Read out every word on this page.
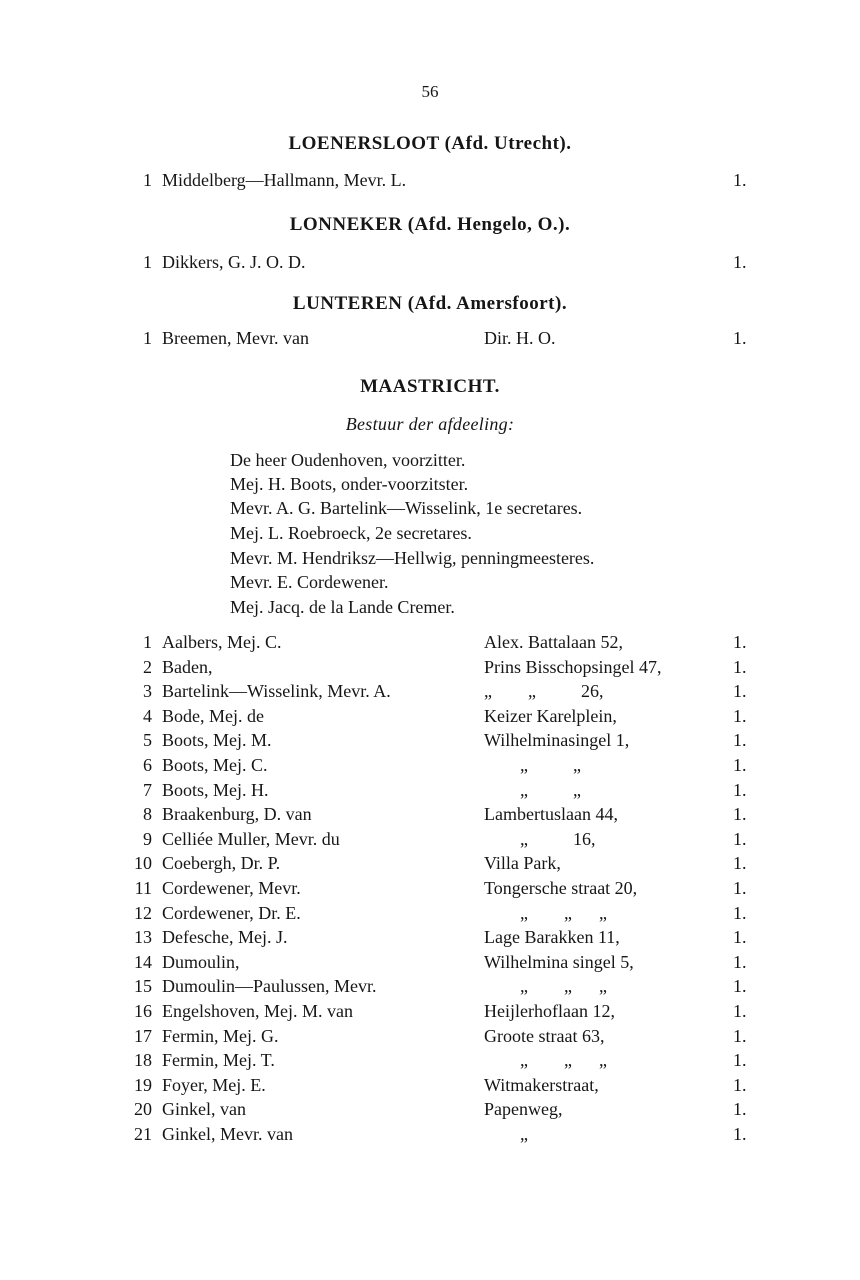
56
LOENERSLOOT (Afd. Utrecht).
1 Middelberg—Hallmann, Mevr. L.	1.
LONNEKER (Afd. Hengelo, O.).
1 Dikkers, G. J. O. D.	1.
LUNTEREN (Afd. Amersfoort).
1 Breemen, Mevr. van	Dir. H. O.	1.
MAASTRICHT.
Bestuur der afdeeling:
De heer Oudenhoven, voorzitter.
Mej. H. Boots, onder-voorzitster.
Mevr. A. G. Bartelink—Wisselink, 1e secretares.
Mej. L. Roebroeck, 2e secretares.
Mevr. M. Hendriksz—Hellwig, penningmeesteres.
Mevr. E. Cordewener.
Mej. Jacq. de la Lande Cremer.
1 Aalbers, Mej. C.	Alex. Battalaan 52,	1.
2 Baden,	Prins Bisschopsingel 47,	1.
3 Bartelink—Wisselink, Mevr. A.	„        „          26,	1.
4 Bode, Mej. de	Keizer Karelplein,	1.
5 Boots, Mej. M.	Wilhelminasingel 1,	1.
6 Boots, Mej. C.	„          „	1.
7 Boots, Mej. H.	„          „	1.
8 Braakenburg, D. van	Lambertuslaan 44,	1.
9 Celliée Muller, Mevr. du	„          16,	1.
10 Coebergh, Dr. P.	Villa Park,	1.
11 Cordewener, Mevr.	Tongersche straat 20,	1.
12 Cordewener, Dr. E.	„        „      „	1.
13 Defesche, Mej. J.	Lage Barakken 11,	1.
14 Dumoulin,	Wilhelmina singel 5,	1.
15 Dumoulin—Paulussen, Mevr.	„        „      „	1.
16 Engelshoven, Mej. M. van	Heijlerhoflaan 12,	1.
17 Fermin, Mej. G.	Groote straat 63,	1.
18 Fermin, Mej. T.	„        „      „	1.
19 Foyer, Mej. E.	Witmakerstraat,	1.
20 Ginkel, van	Papenweg,	1.
21 Ginkel, Mevr. van	„	1.
